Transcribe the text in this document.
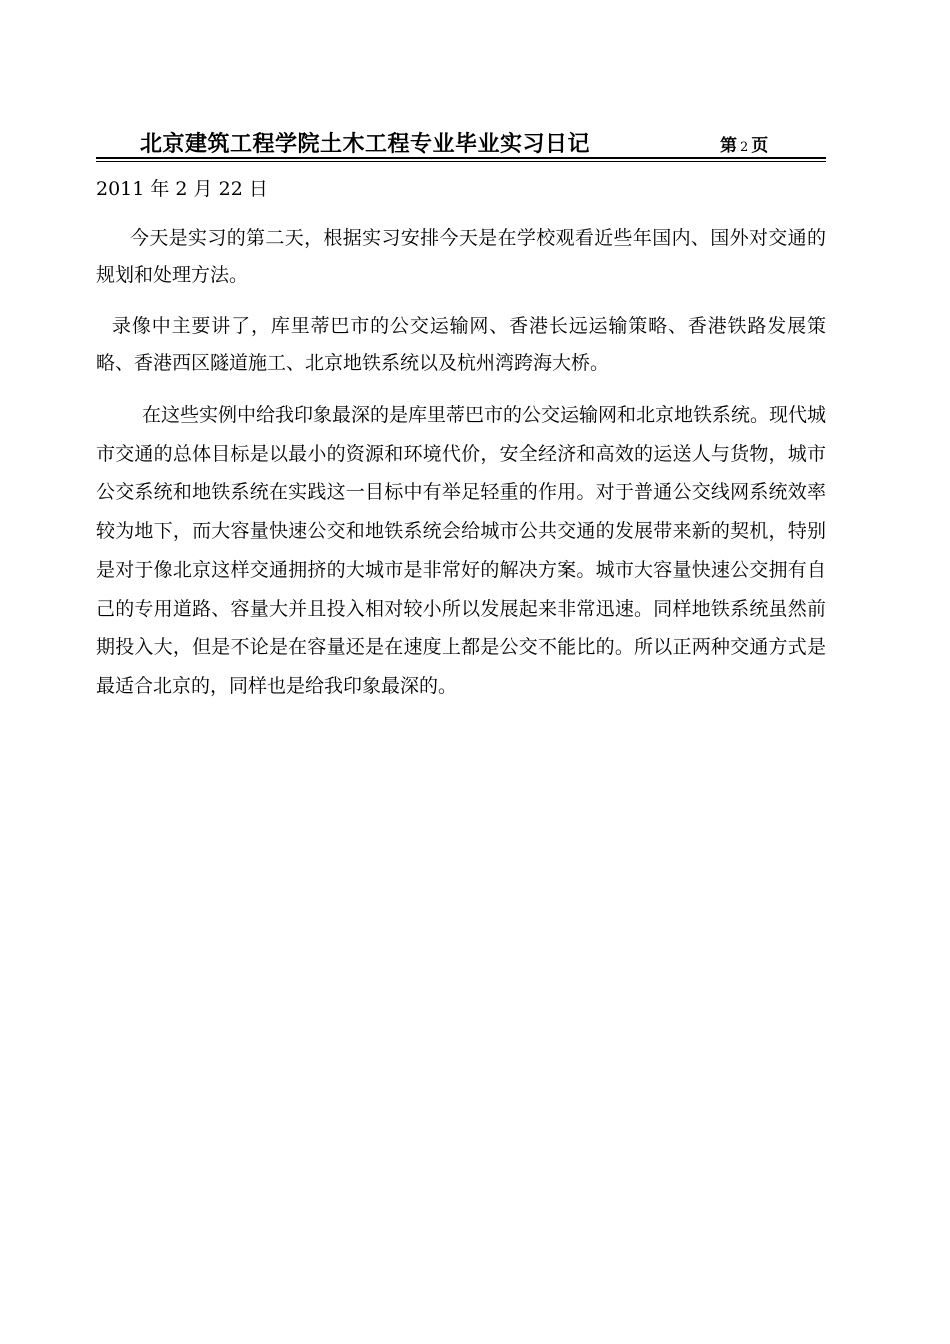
北京建筑工程学院土木工程专业毕业实习日记	第 2 页
2011 年 2 月 22 日

今天是实习的第二天，根据实习安排今天是在学校观看近些年国内、国外对交通的规划和处理方法。

录像中主要讲了，库里蒂巴市的公交运输网、香港长远运输策略、香港铁路发展策略、香港西区隧道施工、北京地铁系统以及杭州湾跨海大桥。

在这些实例中给我印象最深的是库里蒂巴市的公交运输网和北京地铁系统。现代城市交通的总体目标是以最小的资源和环境代价，安全经济和高效的运送人与货物，城市公交系统和地铁系统在实践这一目标中有举足轻重的作用。对于普通公交线网系统效率较为地下，而大容量快速公交和地铁系统会给城市公共交通的发展带来新的契机，特别是对于像北京这样交通拥挤的大城市是非常好的解决方案。城市大容量快速公交拥有自己的专用道路、容量大并且投入相对较小所以发展起来非常迅速。同样地铁系统虽然前期投入大，但是不论是在容量还是在速度上都是公交不能比的。所以正两种交通方式是最适合北京的，同样也是给我印象最深的。
